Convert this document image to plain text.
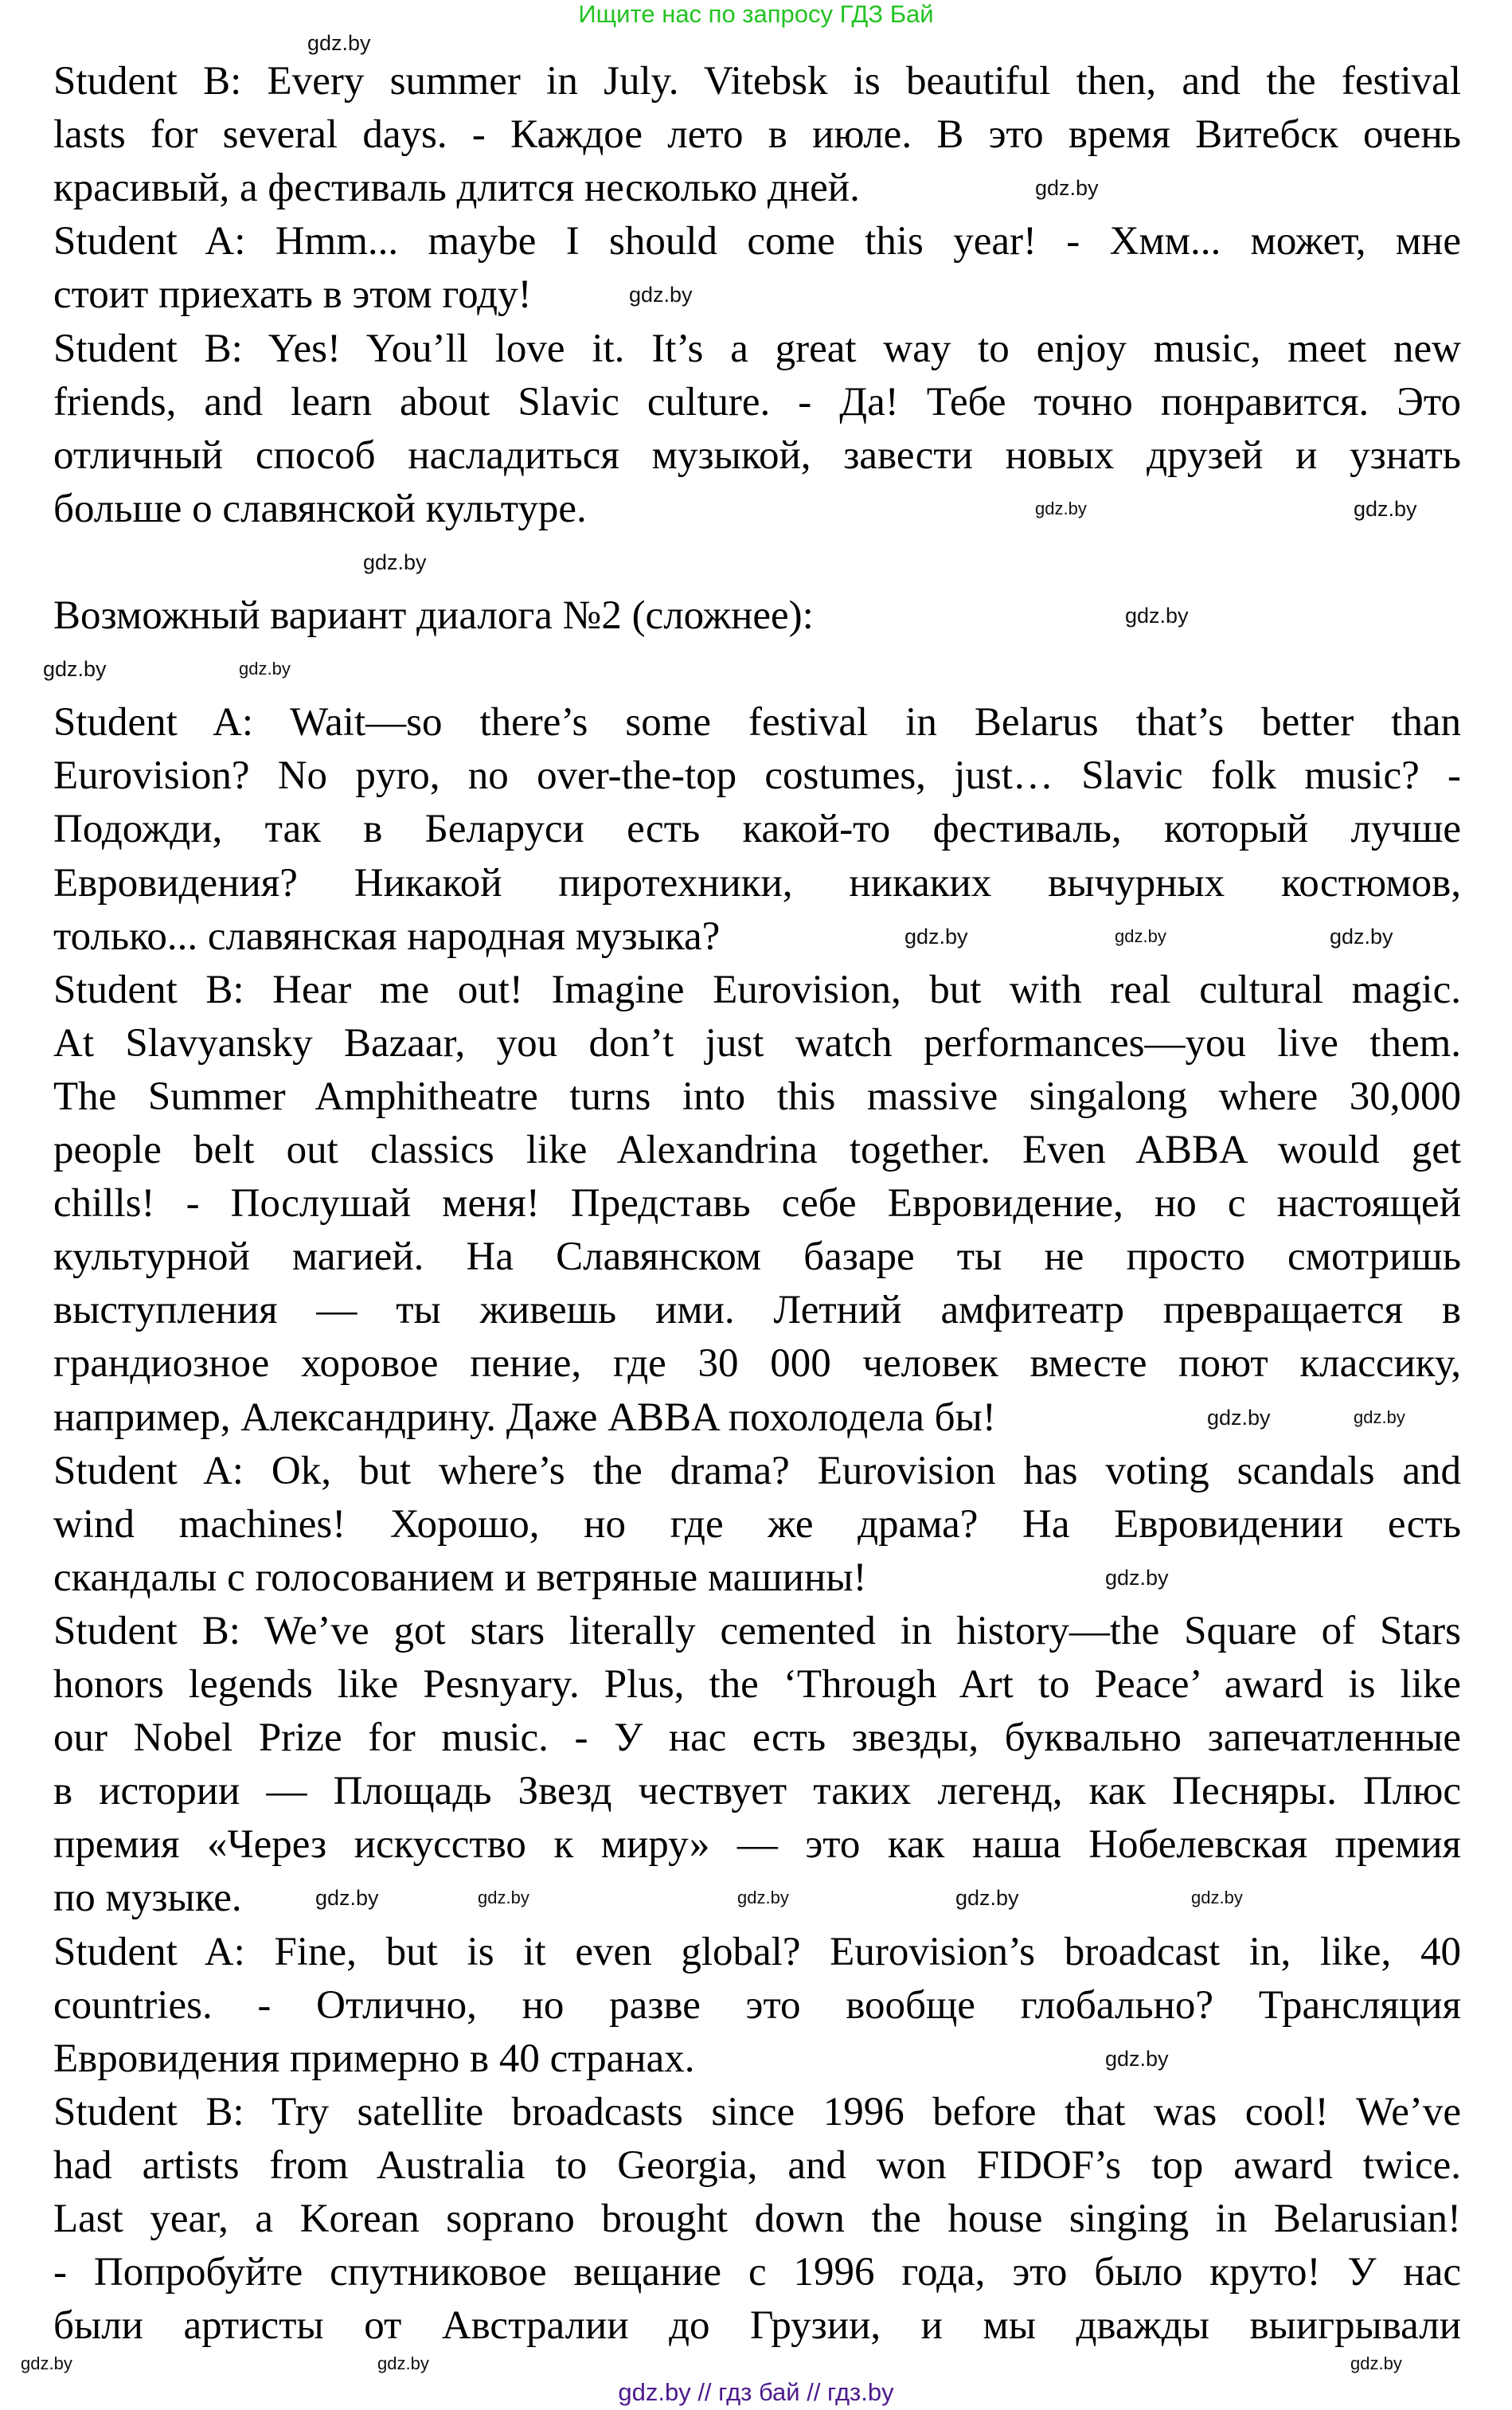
Ищите нас по запросу ГДЗ Бай
Student B: Every summer in July. Vitebsk is beautiful then, and the festival
lasts for several days. - Каждое лето в июле. В это время Витебск очень
красивый, а фестиваль длится несколько дней.
Student A: Hmm... maybe I should come this year! - Хмм... может, мне
стоит приехать в этом году!
Student B: Yes! You’ll love it. It’s a great way to enjoy music, meet new
friends, and learn about Slavic culture. - Да! Тебе точно понравится. Это
отличный способ насладиться музыкой, завести новых друзей и узнать
больше о славянской культуре.
Возможный вариант диалога №2 (сложнее):
Student A: Wait—so there’s some festival in Belarus that’s better than
Eurovision? No pyro, no over-the-top costumes, just… Slavic folk music? -
Подожди, так в Беларуси есть какой-то фестиваль, который лучше
Евровидения? Никакой пиротехники, никаких вычурных костюмов,
только... славянская народная музыка?
Student B: Hear me out! Imagine Eurovision, but with real cultural magic.
At Slavyansky Bazaar, you don’t just watch performances—you live them.
The Summer Amphitheatre turns into this massive singalong where 30,000
people belt out classics like Alexandrina together. Even ABBA would get
chills! - Послушай меня! Представь себе Евровидение, но с настоящей
культурной магией. На Славянском базаре ты не просто смотришь
выступления — ты живешь ими. Летний амфитеатр превращается в
грандиозное хоровое пение, где 30 000 человек вместе поют классику,
например, Александрину. Даже ABBA похолодела бы!
Student A: Ok, but where’s the drama? Eurovision has voting scandals and
wind machines! Хорошо, но где же драма? На Евровидении есть
скандалы с голосованием и ветряные машины!
Student B: We’ve got stars literally cemented in history—the Square of Stars
honors legends like Pesnyary. Plus, the ‘Through Art to Peace’ award is like
our Nobel Prize for music. - У нас есть звезды, буквально запечатленные
в истории — Площадь Звезд чествует таких легенд, как Песняры. Плюс
премия «Через искусство к миру» — это как наша Нобелевская премия
по музыке.
Student A: Fine, but is it even global? Eurovision’s broadcast in, like, 40
countries. - Отлично, но разве это вообще глобально? Трансляция
Евровидения примерно в 40 странах.
Student B: Try satellite broadcasts since 1996 before that was cool! We’ve
had artists from Australia to Georgia, and won FIDOF’s top award twice.
Last year, a Korean soprano brought down the house singing in Belarusian!
- Попробуйте спутниковое вещание с 1996 года, это было круто! У нас
были артисты от Австралии до Грузии, и мы дважды выигрывали
gdz.by
gdz.by
gdz.by
gdz.by	gdz.by
gdz.by
gdz.by
gdz.by
gdz.by
gdz.by	gdz.by
gdz.by
gdz.by
gdz.by
gdz.by
gdz.by
gdz.by	gdz.by	gdz.by
gdz.by
gdz.by
gdz.by	gdz.by
gdz.by
gdz.by // гдз бай // гдз.by
